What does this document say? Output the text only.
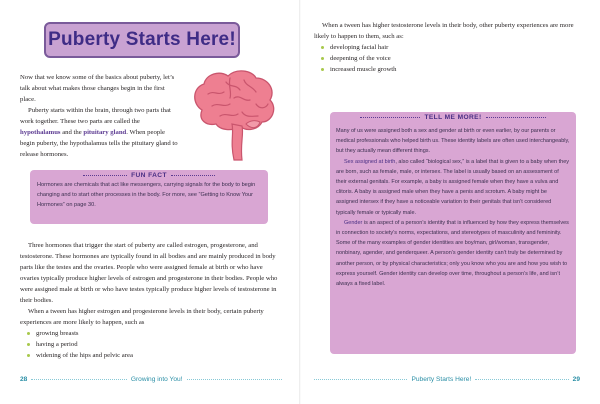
Puberty Starts Here!

Now that we know some of the basics about puberty, let’s talk about what makes those changes begin in the first place.

Puberty starts within the brain, through two parts that work together. These two parts are called the hypothalamus and the pituitary gland. When people begin puberty, the hypothalamus tells the pituitary gland to release hormones.

FUN FACT

Hormones are chemicals that act like messengers, carrying signals for the body to begin changing and to start other processes in the body. For more, see “Getting to Know Your Hormones” on page 30.

Three hormones that trigger the start of puberty are called estrogen, progesterone, and testosterone. These hormones are typically found in all bodies and are mainly produced in body parts like the testes and the ovaries. People who were assigned female at birth or who have ovaries typically produce higher levels of estrogen and progesterone in their bodies. People who were assigned male at birth or who have testes typically produce higher levels of testosterone in their bodies.

When a tween has higher estrogen and progesterone levels in their body, certain puberty experiences are more likely to happen, such as

growing breasts
having a period
widening of the hips and pelvic area
28	Growing into You!

When a tween has higher testosterone levels in their body, other puberty experiences are more likely to happen to them, such as:

developing facial hair
deepening of the voice
increased muscle growth
TELL ME MORE!

Many of us were assigned both a sex and gender at birth or even earlier, by our parents or medical professionals who helped birth us. These identity labels are often used interchangeably, but they actually mean different things.

Sex assigned at birth, also called “biological sex,” is a label that is given to a baby when they are born, such as female, male, or intersex. The label is usually based on an assessment of their external genitals. For example, a baby is assigned female when they have a vulva and clitoris. A baby is assigned male when they have a penis and scrotum. A baby might be assigned intersex if they have a noticeable variation to their genitals that isn’t considered typically female or typically male.

Gender is an aspect of a person’s identity that is influenced by how they express themselves in connection to society’s norms, expectations, and stereotypes of masculinity and femininity. Some of the many examples of gender identities are boy/man, girl/woman, transgender, nonbinary, agender, and genderqueer. A person’s gender identity can’t truly be determined by another person, or by physical characteristics; only you know who you are and how you wish to express yourself. Gender identity can develop over time, throughout a person’s life, and isn’t always a fixed label.

Puberty Starts Here!	29
